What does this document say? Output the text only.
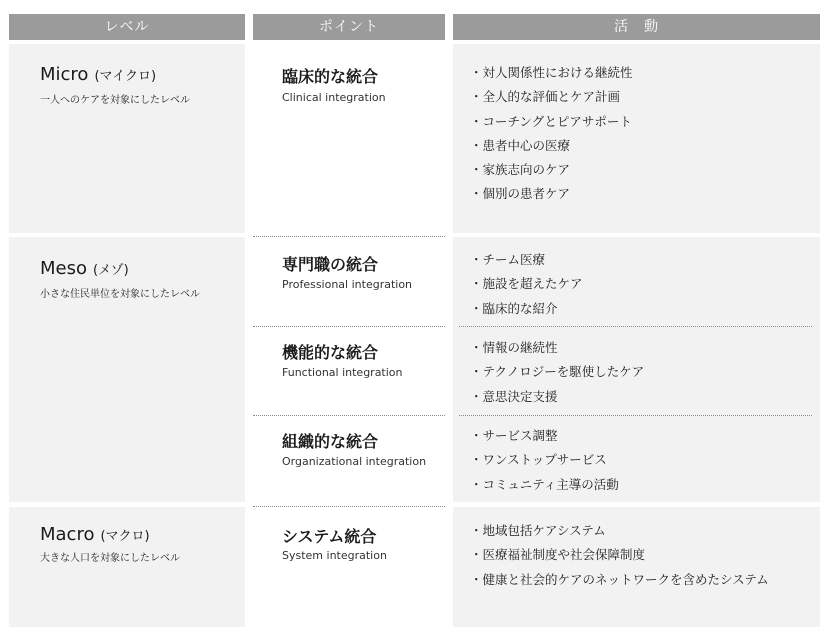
レベル	ポイント	活　動
Micro (マイクロ)
一人へのケアを対象にしたレベル
臨床的な統合
Clinical integration
・ 対人関係性における継続性
・ 全人的な評価とケア計画
・ コーチングとピアサポート
・ 患者中心の医療
・ 家族志向のケア
・ 個別の患者ケア
Meso (メゾ)
小さな住民単位を対象にしたレベル
専門職の統合
Professional integration
・ チーム医療
・ 施設を超えたケア
・ 臨床的な紹介
機能的な統合
Functional integration
・ 情報の継続性
・ テクノロジーを駆使したケア
・ 意思決定支援
組織的な統合
Organizational integration
・ サービス調整
・ ワンストップサービス
・ コミュニティ主導の活動
Macro (マクロ)
大きな人口を対象にしたレベル
システム統合
System integration
・ 地域包括ケアシステム
・ 医療福祉制度や社会保障制度
・ 健康と社会的ケアのネットワークを含めたシステム
